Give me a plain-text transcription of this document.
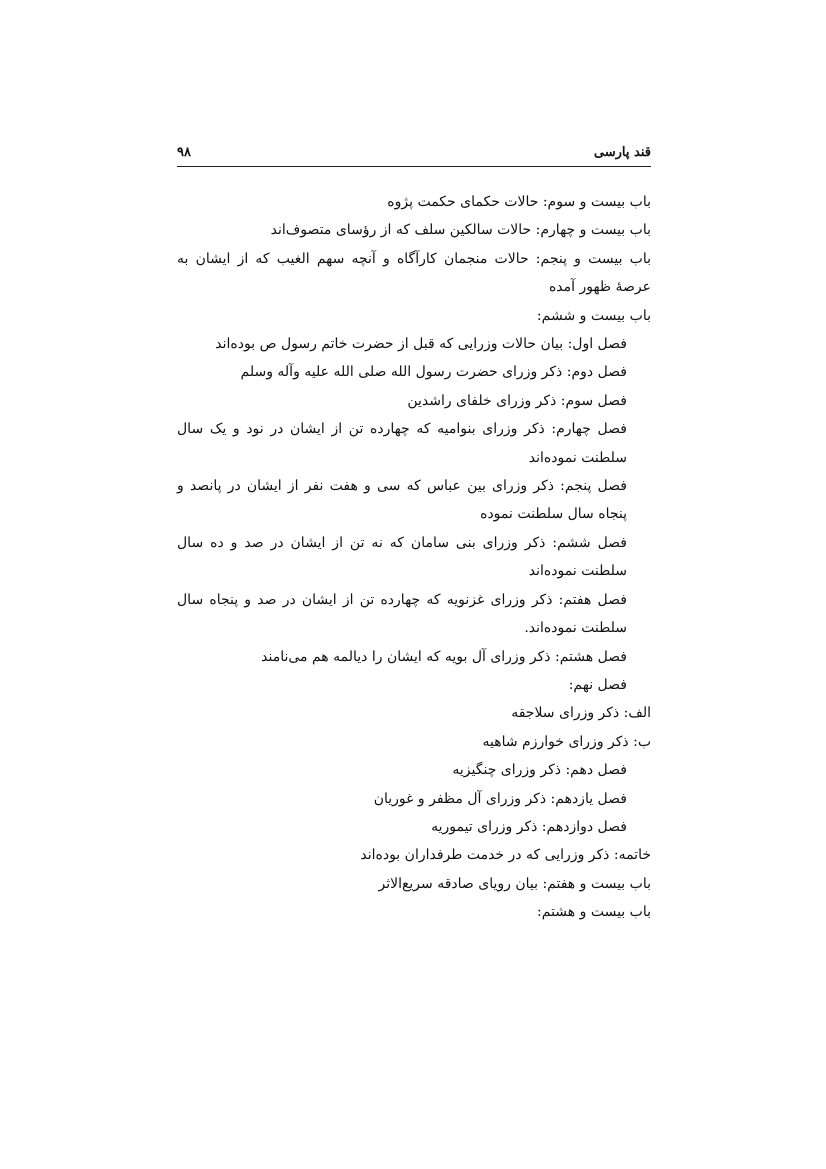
قند پارسی
۹۸

باب بیست و سوم: حالات حکمای حکمت پژوه

باب بیست و چهارم: حالات سالکین سلف که از رؤسای متصوف‌اند

باب بیست و پنجم: حالات منجمان کارآگاه و آنچه سهم الغیب که از ایشان به عرصهٔ ظهور آمده

باب بیست و ششم:

فصل اول: بیان حالات وزرایی که قبل از حضرت خاتم رسول ص بوده‌اند

فصل دوم: ذکر وزرای حضرت رسول الله صلی الله علیه وآله وسلم

فصل سوم: ذکر وزرای خلفای راشدین

فصل چهارم: ذکر وزرای بنوامیه که چهارده تن از ایشان در نود و یک سال سلطنت نموده‌اند

فصل پنجم: ذکر وزرای بین عباس که سی و هفت نفر از ایشان در پانصد و پنجاه سال سلطنت نموده

فصل ششم: ذکر وزرای بنی سامان که نه تن از ایشان در صد و ده سال سلطنت نموده‌اند

فصل هفتم: ذکر وزرای غزنویه که چهارده تن از ایشان در صد و پنجاه سال سلطنت نموده‌اند.

فصل هشتم: ذکر وزرای آل بویه که ایشان را دیالمه هم می‌نامند

فصل نهم:

الف: ذکر وزرای سلاجقه

ب: ذکر وزرای خوارزم شاهیه

فصل دهم: ذکر وزرای چنگیزیه

فصل یازدهم: ذکر وزرای آل مظفر و غوریان

فصل دوازدهم: ذکر وزرای تیموریه

خاتمه: ذکر وزرایی که در خدمت طرفداران بوده‌اند

باب بیست و هفتم: بیان رویای صادقه سریع‌الاثر

باب بیست و هشتم:
